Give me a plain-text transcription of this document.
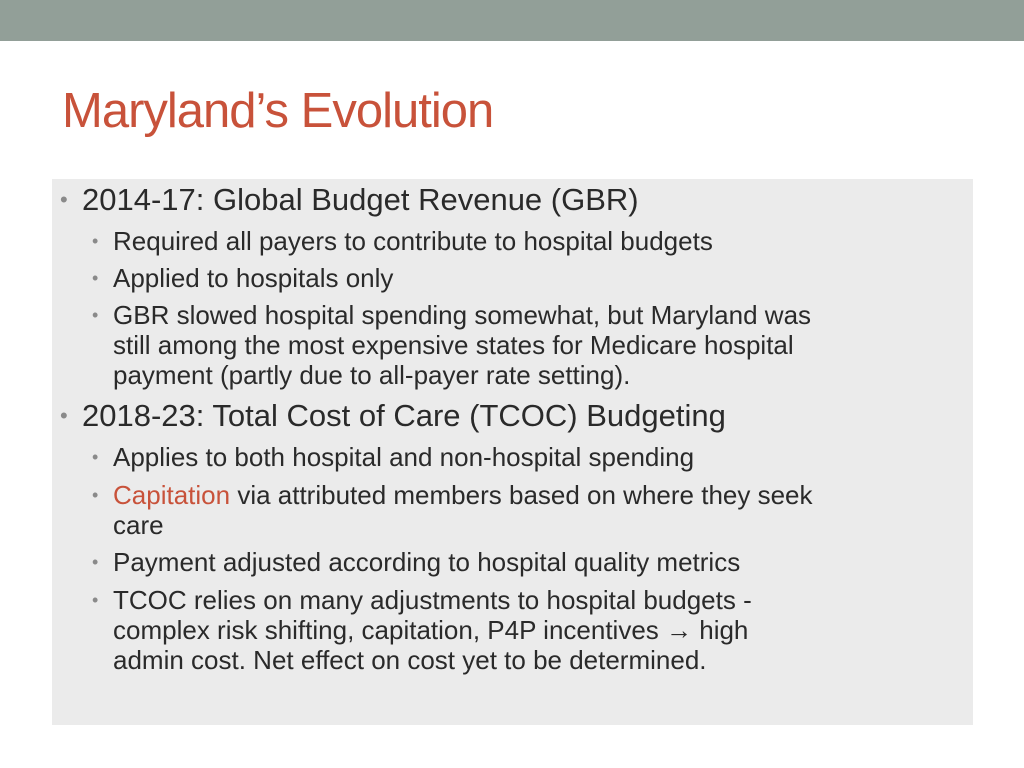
Maryland’s Evolution
• 2014-17: Global Budget Revenue (GBR)
• Required all payers to contribute to hospital budgets
• Applied to hospitals only
• GBR slowed hospital spending somewhat, but Maryland was
still among the most expensive states for Medicare hospital
payment (partly due to all-payer rate setting).
• 2018-23: Total Cost of Care (TCOC) Budgeting
• Applies to both hospital and non-hospital spending
• Capitation via attributed members based on where they seek
care
• Payment adjusted according to hospital quality metrics
• TCOC relies on many adjustments to hospital budgets -
complex risk shifting, capitation, P4P incentives → high
admin cost. Net effect on cost yet to be determined.
